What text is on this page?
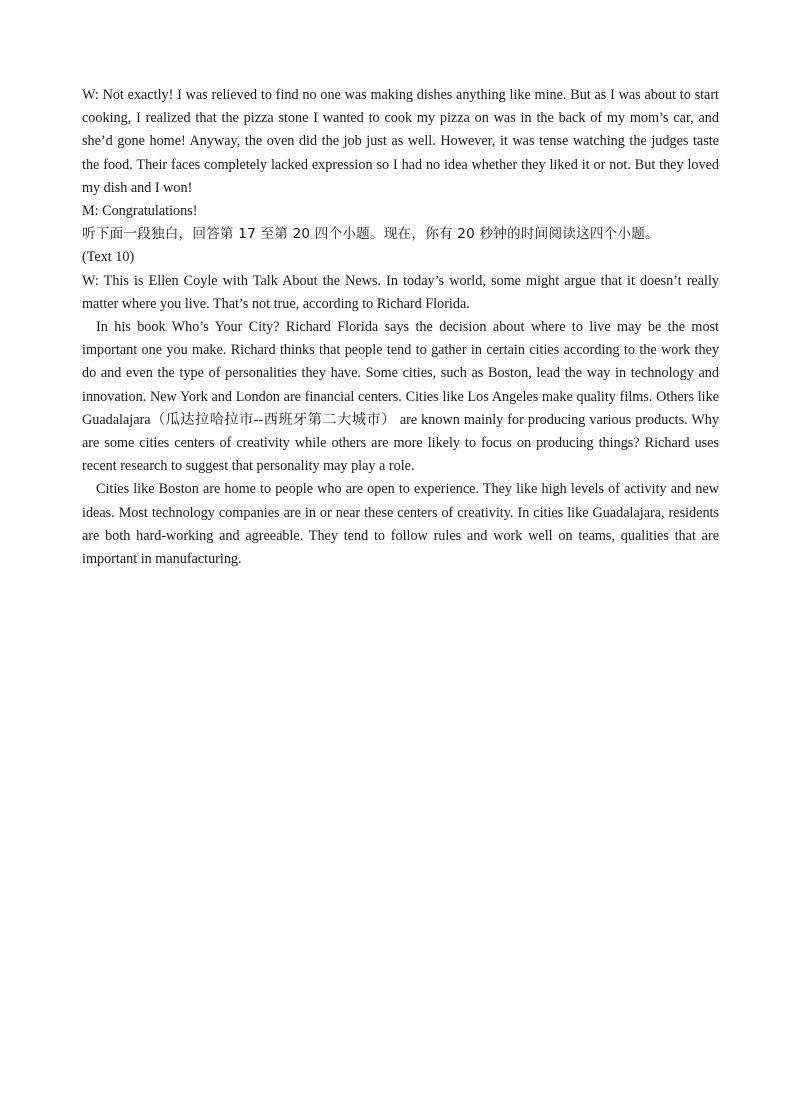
W: Not exactly! I was relieved to find no one was making dishes anything like mine. But as I was about to start cooking, I realized that the pizza stone I wanted to cook my pizza on was in the back of my mom’s car, and she’d gone home! Anyway, the oven did the job just as well. However, it was tense watching the judges taste the food. Their faces completely lacked expression so I had no idea whether they liked it or not. But they loved my dish and I won!

M: Congratulations!

听下面一段独白，回答第 17 至第 20 四个小题。现在，你有 20 秒钟的时间阅读这四个小题。

(Text 10)

W: This is Ellen Coyle with Talk About the News. In today’s world, some might argue that it doesn’t really matter where you live. That’s not true, according to Richard Florida.

In his book Who’s Your City? Richard Florida says the decision about where to live may be the most important one you make. Richard thinks that people tend to gather in certain cities according to the work they do and even the type of personalities they have. Some cities, such as Boston, lead the way in technology and innovation. New York and London are financial centers. Cities like Los Angeles make quality films. Others like Guadalajara（瓜达拉哈拉市--西班牙第二大城市） are known mainly for producing various products. Why are some cities centers of creativity while others are more likely to focus on producing things? Richard uses recent research to suggest that personality may play a role.

Cities like Boston are home to people who are open to experience. They like high levels of activity and new ideas. Most technology companies are in or near these centers of creativity. In cities like Guadalajara, residents are both hard-working and agreeable. They tend to follow rules and work well on teams, qualities that are important in manufacturing.
